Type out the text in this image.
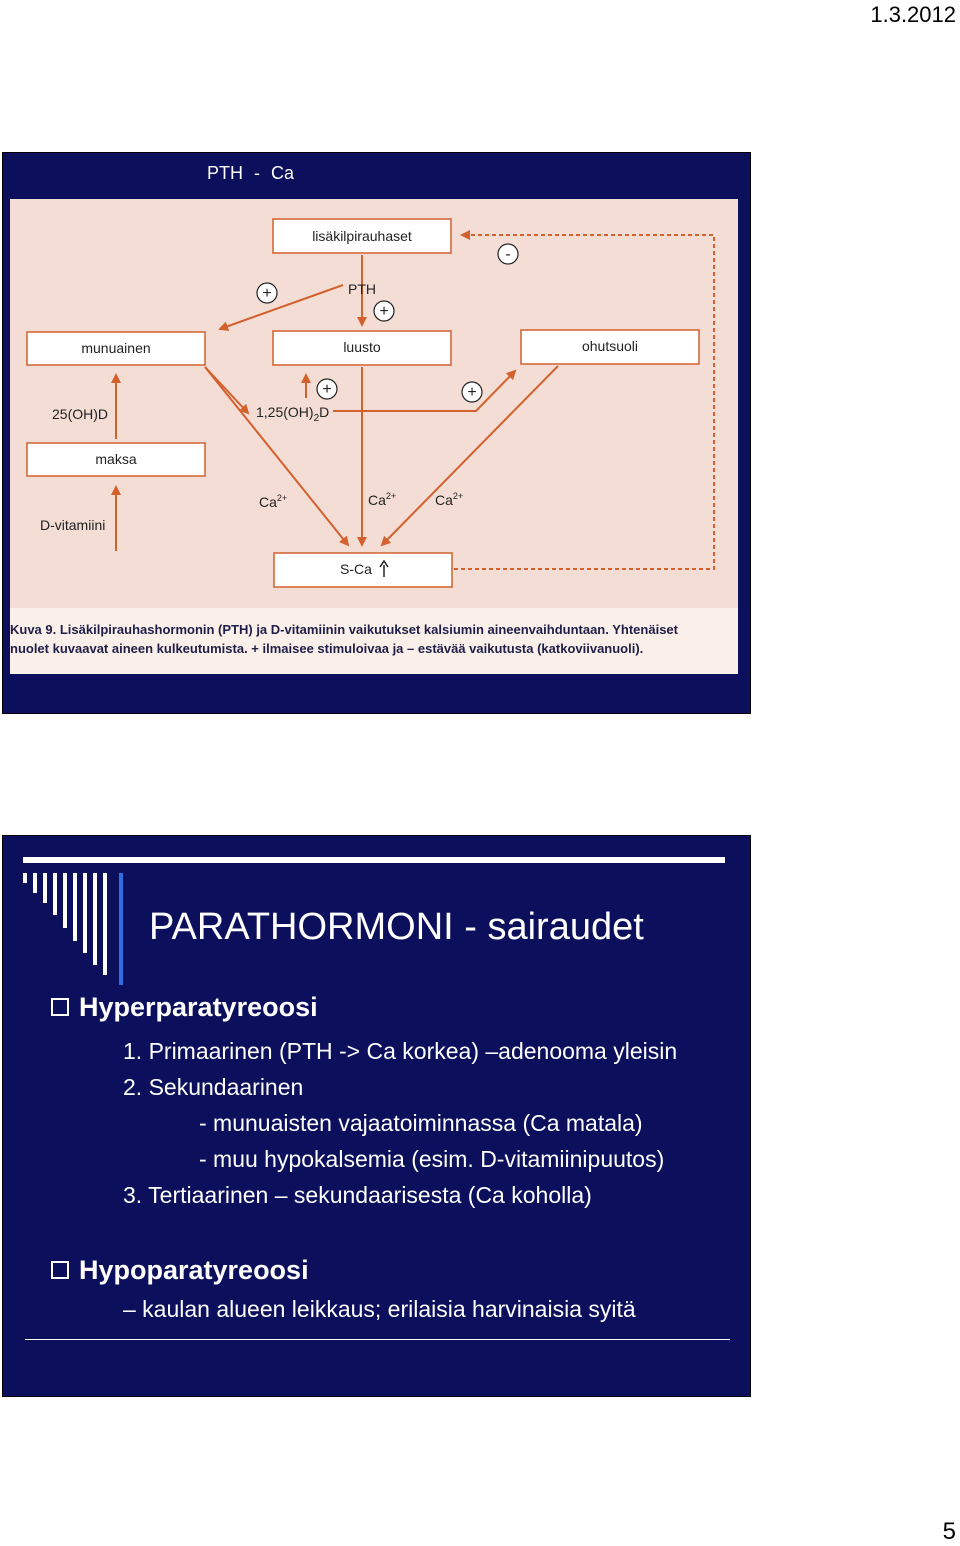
1.3.2012
PTH - Ca
lisäkilpirauhaset
munuainen	luusto	ohutsuoli
maksa
S-Ca
PTH
25(OH)D	$1,25(OH)_2D$
D-vitamiini
$Ca^{2+}$	$Ca^{2+}$	$Ca^{2+}$
+
+
+	+
-
Kuva 9. Lisäkilpirauhashormonin (PTH) ja D-vitamiinin vaikutukset kalsiumin aineenvaihduntaan. Yhtenäiset
nuolet kuvaavat aineen kulkeutumista. + ilmaisee stimuloivaa ja – estävää vaikutusta (katkoviivanuoli).
PARATHORMONI - sairaudet
Hyperparatyreoosi
1. Primaarinen (PTH -> Ca korkea) –adenooma yleisin
2. Sekundaarinen
- munuaisten vajaatoiminnassa (Ca matala)
- muu hypokalsemia (esim. D-vitamiinipuutos)
3. Tertiaarinen – sekundaarisesta (Ca koholla)
Hypoparatyreoosi
– kaulan alueen leikkaus; erilaisia harvinaisia syitä
5
